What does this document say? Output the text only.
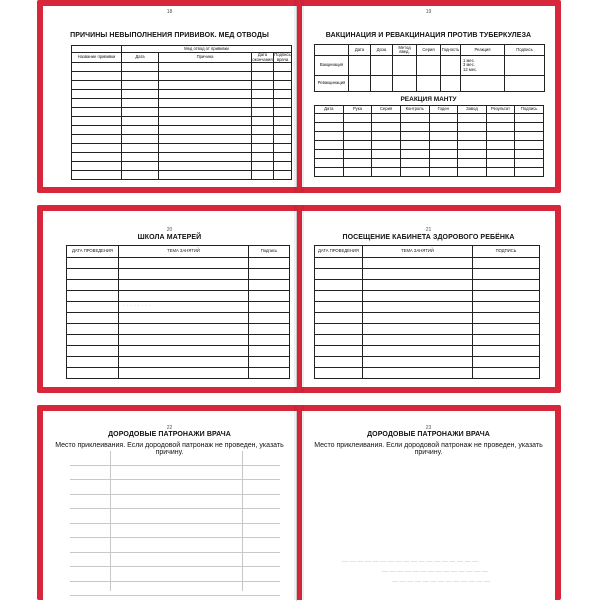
18
ПРИЧИНЫ НЕВЫПОЛНЕНИЯ ПРИВИВОК. МЕД ОТВОДЫ
	Мед отвод от прививки			
Название прививки	Дата	Причина	Дата окончания	Подпись врача

19
ВАКЦИНАЦИЯ И РЕВАКЦИНАЦИЯ ПРОТИВ ТУБЕРКУЛЕЗА
	Дата	Доза	Метод введ.	Серия	Годность	Реакция	Подпись
Вакцинация						1 мес.
3 мес.
12 мес.	

Ревакцинация							
РЕАКЦИЯ МАНТУ
Дата	Рука	Серия	Контроль	Годен	Завод	Результат	Подпись

20
ШКОЛА МАТЕРЕЙ
· · · · · · · ·
ДАТА ПРОВЕДЕНИЯ	ТЕМА ЗАНЯТИЙ	Подпись

21
ПОСЕЩЕНИЕ КАБИНЕТА ЗДОРОВОГО РЕБЁНКА
ДАТА ПРОВЕДЕНИЯ	ТЕМА ЗАНЯТИЙ	ПОДПИСЬ

22
ДОРОДОВЫЕ ПАТРОНАЖИ ВРАЧА
Место приклеивания. Если дородовой патронаж не проведен, указать причину.
23
ДОРОДОВЫЕ ПАТРОНАЖИ ВРАЧА
Место приклеивания. Если дородовой патронаж не проведен, указать причину.
— — — — — — — — — — — — — — — — — —
— — — — — — — — — — — — — —
— — — — — — — — — — — — —
